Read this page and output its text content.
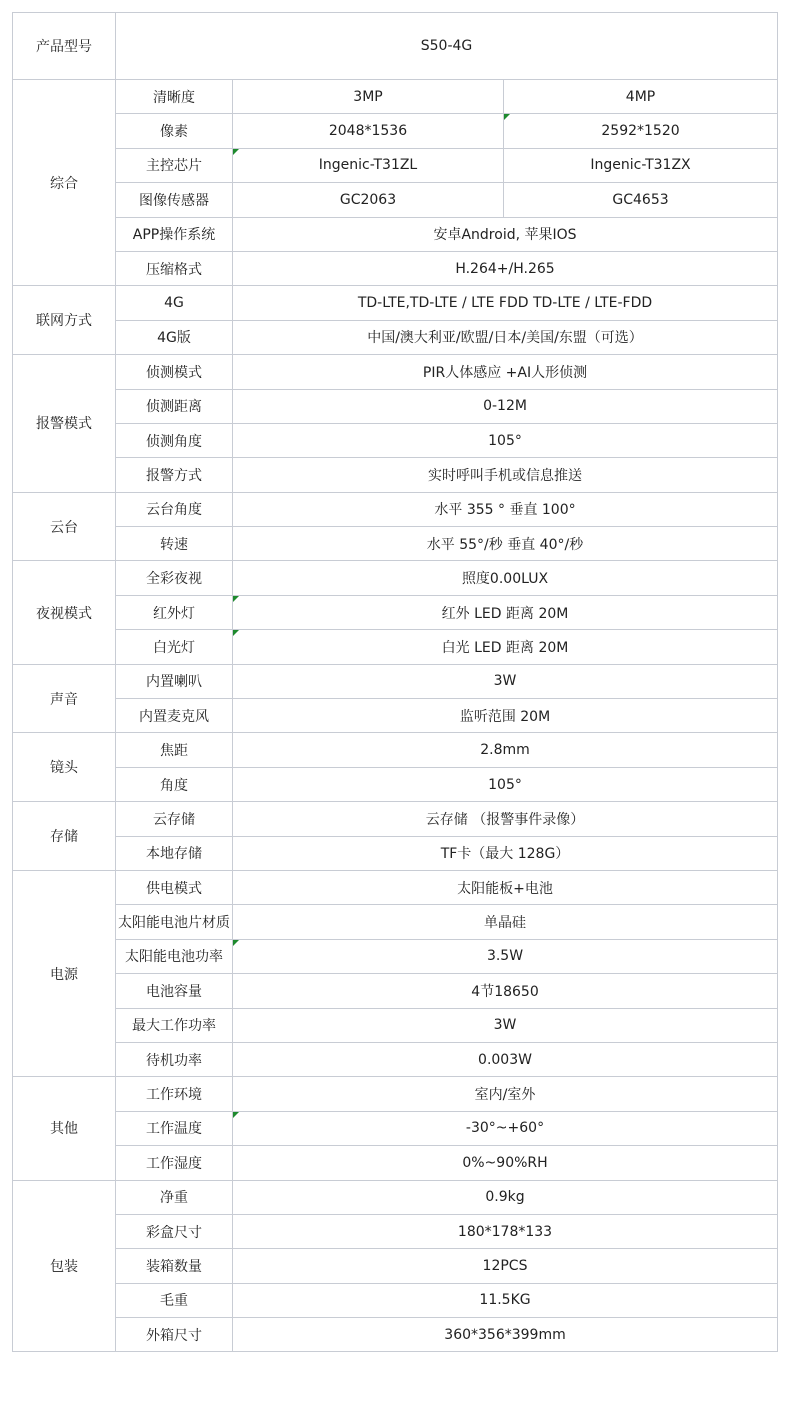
产品型号	S50-4G		
综合	清晰度	3MP	4MP
	像素	2048*1536	2592*1520
	主控芯片	Ingenic-T31ZL	Ingenic-T31ZX
	图像传感器	GC2063	GC4653
	APP操作系统	安卓Android, 苹果IOS	
	压缩格式	H.264+/H.265	
联网方式	4G	TD-LTE,TD-LTE / LTE FDD TD-LTE / LTE-FDD	
	4G版	中国/澳大利亚/欧盟/日本/美国/东盟（可选）	
报警模式	侦测模式	PIR人体感应 +AI人形侦测	
	侦测距离	0-12M	
	侦测角度	105°	
	报警方式	实时呼叫手机或信息推送	
云台	云台角度	水平 355 ° 垂直 100°	
	转速	水平 55°/秒 垂直 40°/秒	
夜视模式	全彩夜视	照度0.00LUX	
	红外灯	红外 LED 距离 20M	
	白光灯	白光 LED 距离 20M	
声音	内置喇叭	3W	
	内置麦克风	监听范围 20M	
镜头	焦距	2.8mm	
	角度	105°	
存储	云存储	云存储 （报警事件录像）	
	本地存储	TF卡（最大 128G）	
电源	供电模式	太阳能板+电池	
	太阳能电池片材质	单晶硅	
	太阳能电池功率	3.5W	
	电池容量	4节18650	
	最大工作功率	3W	
	待机功率	0.003W	
其他	工作环境	室内/室外	
	工作温度	-30°~+60°	
	工作湿度	0%~90%RH	
包装	净重	0.9kg	
	彩盒尺寸	180*178*133	
	装箱数量	12PCS	
	毛重	11.5KG	
	外箱尺寸	360*356*399mm	
